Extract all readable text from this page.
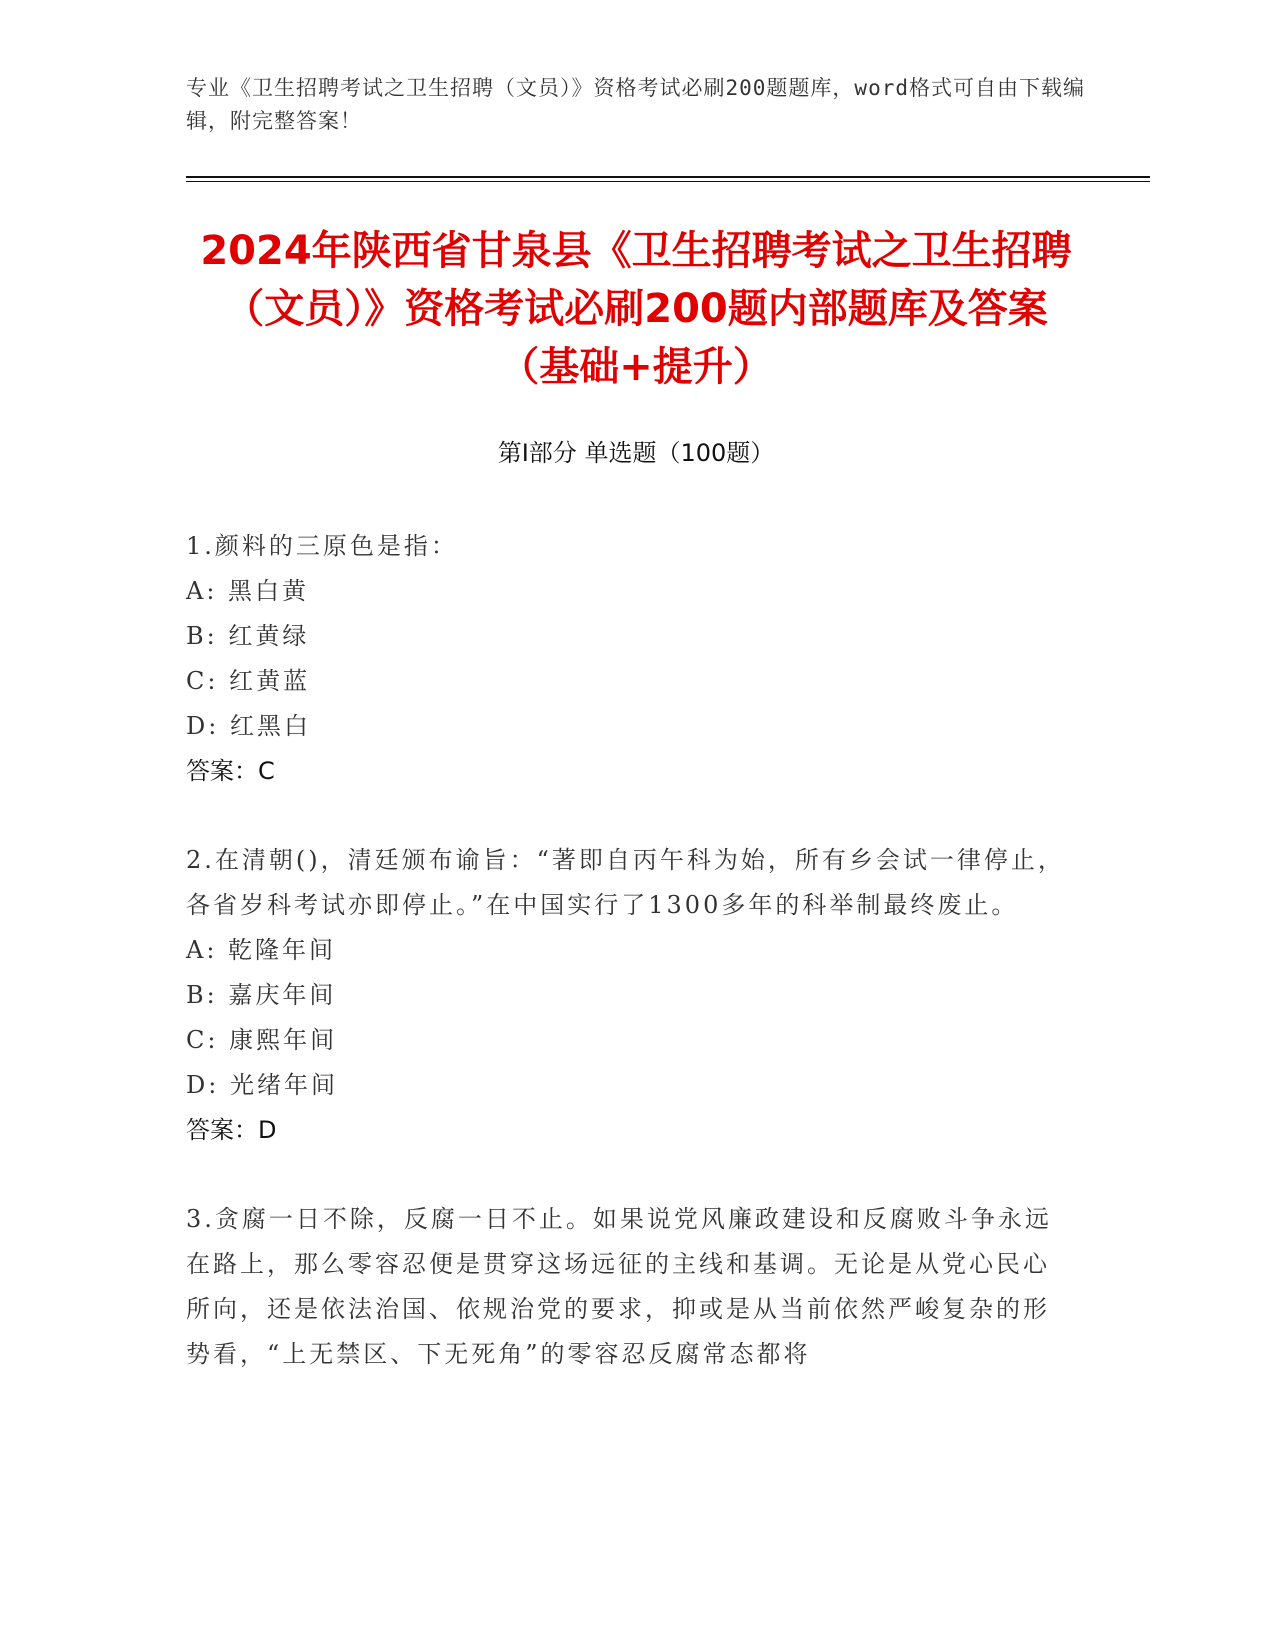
专业《卫生招聘考试之卫生招聘（文员）》资格考试必刷200题题库，word格式可自由下载编辑，附完整答案！
2024年陕西省甘泉县《卫生招聘考试之卫生招聘（文员）》资格考试必刷200题内部题库及答案（基础+提升）
第Ⅰ部分 单选题（100题）
1.颜料的三原色是指：
A: 黑白黄
B: 红黄绿
C: 红黄蓝
D: 红黑白
答案：C
2.在清朝()，清廷颁布谕旨：“著即自丙午科为始，所有乡会试一律停止，各省岁科考试亦即停止。”在中国实行了1300多年的科举制最终废止。
A: 乾隆年间
B: 嘉庆年间
C: 康熙年间
D: 光绪年间
答案：D
3.贪腐一日不除，反腐一日不止。如果说党风廉政建设和反腐败斗争永远在路上，那么零容忍便是贯穿这场远征的主线和基调。无论是从党心民心所向，还是依法治国、依规治党的要求，抑或是从当前依然严峻复杂的形势看，“上无禁区、下无死角”的零容忍反腐常态都将
